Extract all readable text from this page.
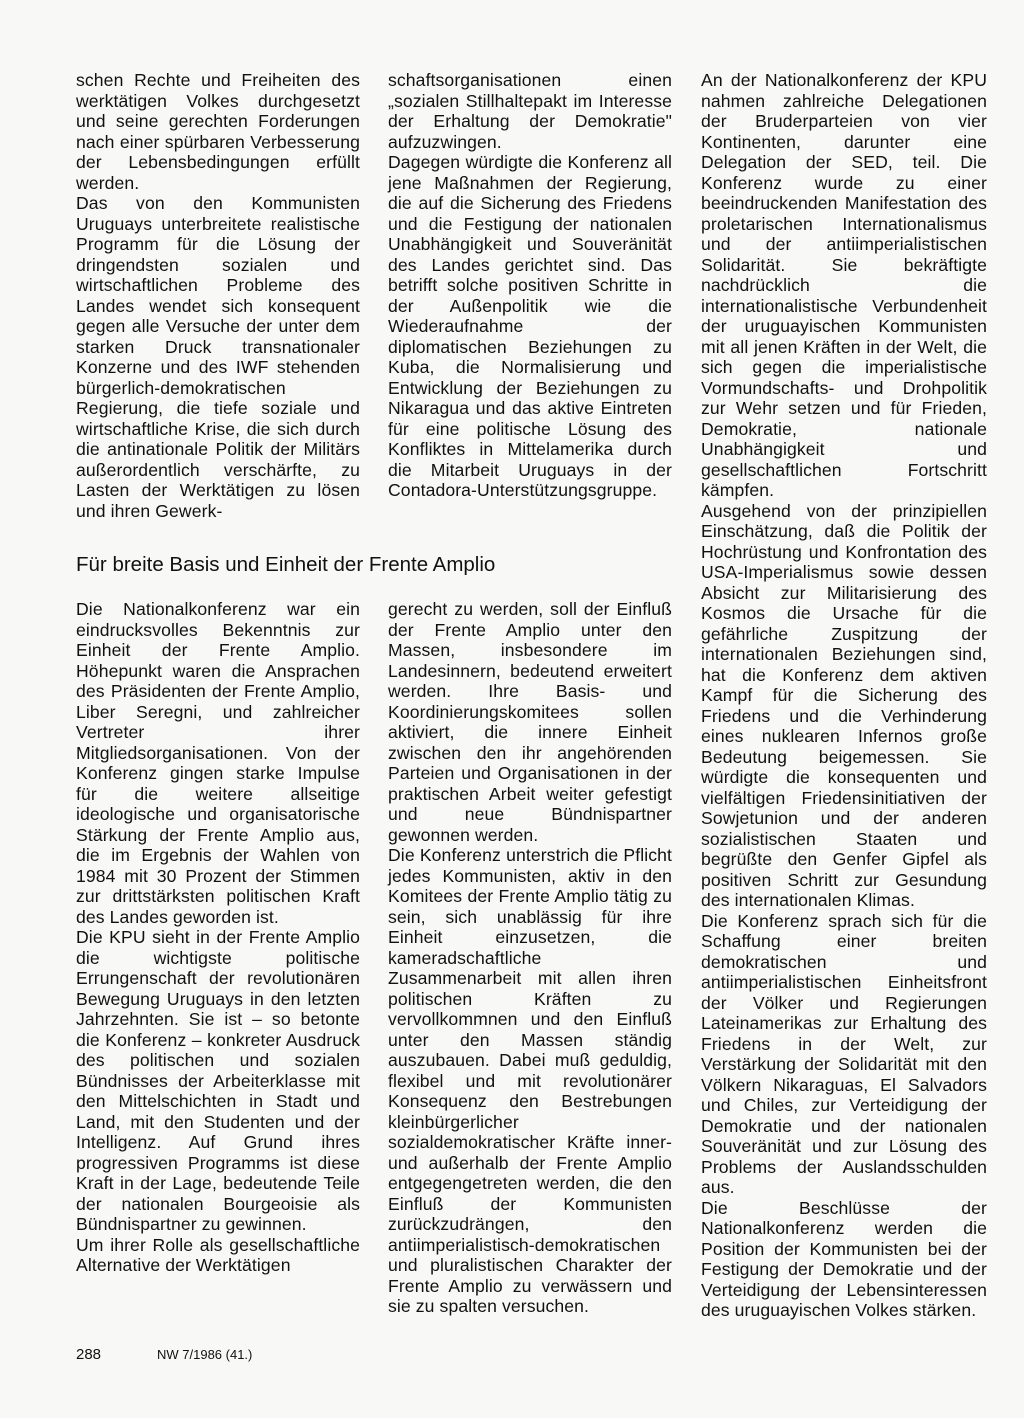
schen Rechte und Freiheiten des werktätigen Volkes durchgesetzt und seine gerechten Forderungen nach einer spürbaren Verbesserung der Lebensbedingungen erfüllt werden.

Das von den Kommunisten Uruguays unterbreitete realistische Programm für die Lösung der dringendsten sozialen und wirtschaftlichen Probleme des Landes wendet sich konsequent gegen alle Versuche der unter dem starken Druck transnationaler Konzerne und des IWF stehenden bürgerlich-demokratischen Regierung, die tiefe soziale und wirtschaftliche Krise, die sich durch die antinationale Politik der Militärs außerordentlich verschärfte, zu Lasten der Werktätigen zu lösen und ihren Gewerk-

schaftsorganisationen einen „sozialen Stillhaltepakt im Interesse der Erhaltung der Demokratie" aufzuzwingen.

Dagegen würdigte die Konferenz all jene Maßnahmen der Regierung, die auf die Sicherung des Friedens und die Festigung der nationalen Unabhängigkeit und Souveränität des Landes gerichtet sind. Das betrifft solche positiven Schritte in der Außenpolitik wie die Wiederaufnahme der diplomatischen Beziehungen zu Kuba, die Normalisierung und Entwicklung der Beziehungen zu Nikaragua und das aktive Eintreten für eine politische Lösung des Konfliktes in Mittelamerika durch die Mitarbeit Uruguays in der Contadora-Unterstützungsgruppe.

Für breite Basis und Einheit der Frente Amplio

Die Nationalkonferenz war ein eindrucksvolles Bekenntnis zur Einheit der Frente Amplio. Höhepunkt waren die Ansprachen des Präsidenten der Frente Amplio, Liber Seregni, und zahlreicher Vertreter ihrer Mitgliedsorganisationen. Von der Konferenz gingen starke Impulse für die weitere allseitige ideologische und organisatorische Stärkung der Frente Amplio aus, die im Ergebnis der Wahlen von 1984 mit 30 Prozent der Stimmen zur drittstärksten politischen Kraft des Landes geworden ist.

Die KPU sieht in der Frente Amplio die wichtigste politische Errungenschaft der revolutionären Bewegung Uruguays in den letzten Jahrzehnten. Sie ist – so betonte die Konferenz – konkreter Ausdruck des politischen und sozialen Bündnisses der Arbeiterklasse mit den Mittelschichten in Stadt und Land, mit den Studenten und der Intelligenz. Auf Grund ihres progressiven Programms ist diese Kraft in der Lage, bedeutende Teile der nationalen Bourgeoisie als Bündnispartner zu gewinnen.

Um ihrer Rolle als gesellschaftliche Alternative der Werktätigen

gerecht zu werden, soll der Einfluß der Frente Amplio unter den Massen, insbesondere im Landesinnern, bedeutend erweitert werden. Ihre Basis- und Koordinierungskomitees sollen aktiviert, die innere Einheit zwischen den ihr angehörenden Parteien und Organisationen in der praktischen Arbeit weiter gefestigt und neue Bündnispartner gewonnen werden.

Die Konferenz unterstrich die Pflicht jedes Kommunisten, aktiv in den Komitees der Frente Amplio tätig zu sein, sich unablässig für ihre Einheit einzusetzen, die kameradschaftliche Zusammenarbeit mit allen ihren politischen Kräften zu vervollkommnen und den Einfluß unter den Massen ständig auszubauen. Dabei muß geduldig, flexibel und mit revolutionärer Konsequenz den Bestrebungen kleinbürgerlicher sozialdemokratischer Kräfte inner- und außerhalb der Frente Amplio entgegengetreten werden, die den Einfluß der Kommunisten zurückzudrängen, den antiimperialistisch-demokratischen und pluralistischen Charakter der Frente Amplio zu verwässern und sie zu spalten versuchen.

An der Nationalkonferenz der KPU nahmen zahlreiche Delegationen der Bruderparteien von vier Kontinenten, darunter eine Delegation der SED, teil. Die Konferenz wurde zu einer beeindruckenden Manifestation des proletarischen Internationalismus und der antiimperialistischen Solidarität. Sie bekräftigte nachdrücklich die internationalistische Verbundenheit der uruguayischen Kommunisten mit all jenen Kräften in der Welt, die sich gegen die imperialistische Vormundschafts- und Drohpolitik zur Wehr setzen und für Frieden, Demokratie, nationale Unabhängigkeit und gesellschaftlichen Fortschritt kämpfen.

Ausgehend von der prinzipiellen Einschätzung, daß die Politik der Hochrüstung und Konfrontation des USA-Imperialismus sowie dessen Absicht zur Militarisierung des Kosmos die Ursache für die gefährliche Zuspitzung der internationalen Beziehungen sind, hat die Konferenz dem aktiven Kampf für die Sicherung des Friedens und die Verhinderung eines nuklearen Infernos große Bedeutung beigemessen. Sie würdigte die konsequenten und vielfältigen Friedensinitiativen der Sowjetunion und der anderen sozialistischen Staaten und begrüßte den Genfer Gipfel als positiven Schritt zur Gesundung des internationalen Klimas.

Die Konferenz sprach sich für die Schaffung einer breiten demokratischen und antiimperialistischen Einheitsfront der Völker und Regierungen Lateinamerikas zur Erhaltung des Friedens in der Welt, zur Verstärkung der Solidarität mit den Völkern Nikaraguas, El Salvadors und Chiles, zur Verteidigung der Demokratie und der nationalen Souveränität und zur Lösung des Problems der Auslandsschulden aus.

Die Beschlüsse der Nationalkonferenz werden die Position der Kommunisten bei der Festigung der Demokratie und der Verteidigung der Lebensinteressen des uruguayischen Volkes stärken.

288	NW 7/1986 (41.)
